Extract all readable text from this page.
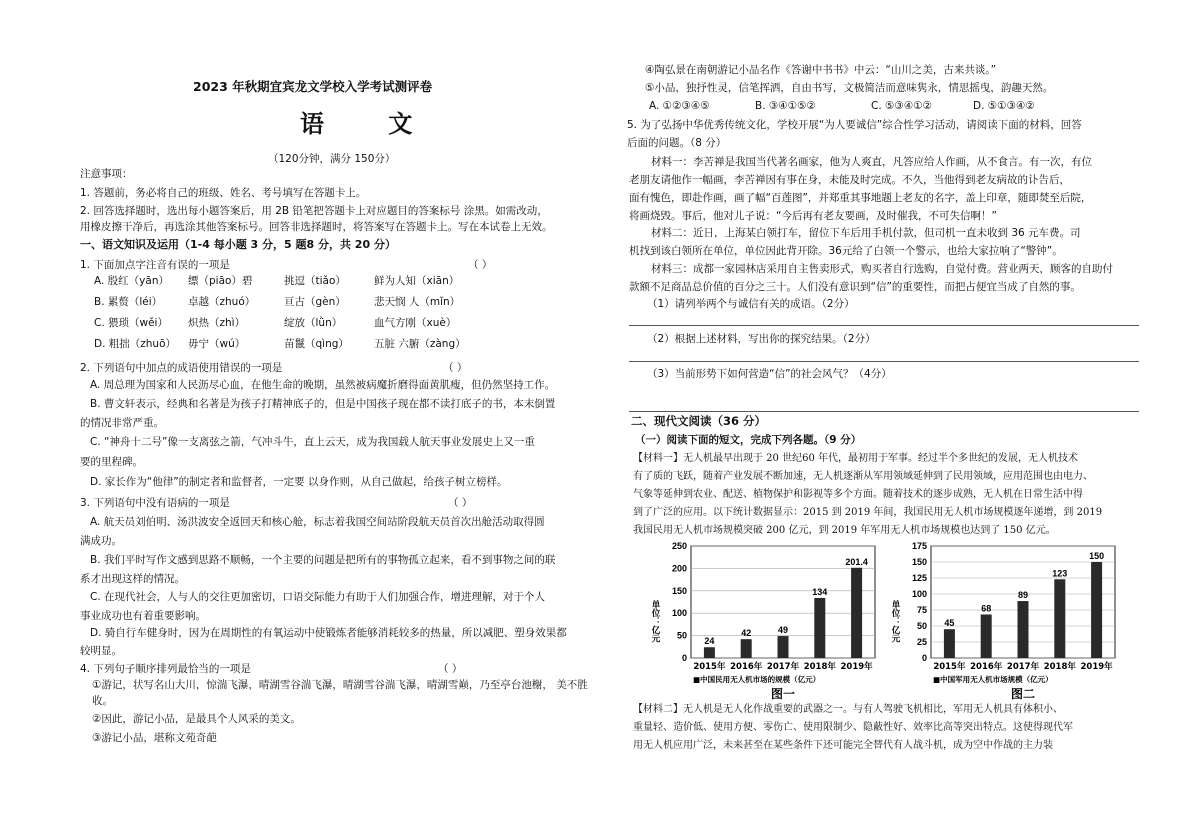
2023 年秋期宜宾龙文学校入学考试测评卷
语 文
（120分钟，满分 150分）
注意事项：
1. 答题前，务必将自己的班级、姓名、考号填写在答题卡上。
2. 回答选择题时，选出每小题答案后，用 2B 铅笔把答题卡上对应题目的答案标号 涂黑。如需改动，
用橡皮擦干净后，再选涂其他答案标号。回答非选择题时，将答案写在答题卡上。写在本试卷上无效。
一、语文知识及运用（1-4 每小题 3 分，5 题8 分，共 20 分）
1. 下面加点字注音有误的一项是	（ ）
A. 殷红（yān） 缥（piāo）碧	挑逗（tiǎo）	鲜为人知（xiān）
B. 累赘（léi） 卓越（zhuó）	亘古（gèn）	悲天悯 人（mǐn）
C. 猥琐（wěi） 炽热（zhì）	绽放（lǜn）	血气方刚（xuè）
D. 粗拙（zhuō） 毋宁（wú）	苗鬣（qìng） 五脏 六腑（zàng）
2. 下列语句中加点的成语使用错误的一项是	（ ）
A. 周总理为国家和人民沥尽心血，在他生命的晚期，虽然被病魔折磨得面黄肌瘦，但仍然坚持工作。
B. 曹文轩表示，经典和名著是为孩子打精神底子的，但是中国孩子现在都不读打底子的书，本末倒置
的情况非常严重。
C. “神舟十二号”像一支离弦之箭，气冲斗牛，直上云天，成为我国载人航天事业发展史上又一重
要的里程碑。
D. 家长作为“他律”的制定者和监督者，一定要 以身作则，从自己做起，给孩子树立榜样。
3. 下列语句中没有语病的一项是	（ ）
A. 航天员刘伯明、汤洪波安全返回天和核心舱，标志着我国空间站阶段航天员首次出舱活动取得圆
满成功。
B. 我们平时写作文感到思路不顺畅，一个主要的问题是把所有的事物孤立起来，看不到事物之间的联
系才出现这样的情况。
C. 在现代社会，人与人的交往更加密切，口语交际能力有助于人们加强合作，增进理解，对于个人
事业成功也有着重要影响。
D. 骑自行车健身时，因为在周期性的有氧运动中使锻炼者能够消耗较多的热量，所以减肥、塑身效果都
较明显。
4. 下列句子顺序排列最恰当的一项是	（ ）
①游记，状写名山大川，惊湍飞瀑，晴湖雪谷湍飞瀑，晴湖雪谷湍飞瀑，晴湖雪巅，乃至亭台池榭， 美不胜
收。
②因此，游记小品，是最具个人风采的美文。
③游记小品，堪称文苑奇葩
④陶弘景在南朝游记小品名作《答谢中书书》中云：“山川之美，古来共谈。”
⑤小品，独抒性灵，信笔挥洒，自由书写，文极简洁而意味隽永，情思摇曳，韵趣天然。
A. ①②③④⑤	B. ③④①⑤②	C. ⑤③④①②	D. ⑤①③④②
5. 为了弘扬中华优秀传统文化，学校开展“为人要诚信”综合性学习活动，请阅读下面的材料，回答
后面的问题。（8 分）
材料一：李苦禅是我国当代著名画家，他为人爽直，凡答应给人作画，从不食言。有一次，有位
老朋友请他作一幅画，李苦禅因有事在身，未能及时完成。不久，当他得到老友病故的讣告后，
面有愧色，即赴作画，画了幅“百莲图”，并郑重其事地题上老友的名字，盖上印章，随即焚至后院，
将画烧毁。事后，他对儿子说：“今后再有老友要画，及时催我，不可失信啊！”
材料二：近日，上海某白领打车，留位下车后用手机付款，但司机一直未收到 36 元车费。司
机找到该白领所在单位，单位因此背开除。36元给了白领一个警示，也给大家拉响了“警钟”。
材料三：成都一家园林店采用自主售卖形式，购买者自行选购，自觉付费。营业两天，顾客的自助付
款额不足商品总价值的百分之三十。人们没有意识到“信”的重要性，而把占便宜当成了自然的事。
（1）请列举两个与诚信有关的成语。（2分）
（2）根据上述材料，写出你的探究结果。（2分）
（3）当前形势下如何营造“信”的社会风气？（4分）
二、现代文阅读（36 分）
（一）阅读下面的短文，完成下列各题。（9 分）
【材料一】无人机最早出现于 20 世纪60 年代，最初用于军事。经过半个多世纪的发展，无人机技术
有了质的飞跃，随着产业发展不断加速，无人机逐渐从军用领域延伸到了民用领域，应用范围也由电力、
气象等延伸到农业、配送、植物保护和影视等多个方面。随着技术的逐步成熟，无人机在日常生活中得
到了广泛的应用。以下统计数据显示：2015 到 2019 年间，我国民用无人机市场规模逐年递增，到 2019
我国民用无人机市场规模突破 200 亿元，到 2019 年军用无人机市场规模也达到了 150 亿元。
0
50
100
150
200
250
单位：亿元	24
2015年
42
2016年
49
2017年
134
2018年
201.4
2019年
■中国民用无人机市场的规模（亿元）
图一
0
25
50
75
100
125
150
175
单位：亿元	45
2015年
68
2016年
89
2017年
123
2018年
150
2019年
■中国军用无人机市场规模（亿元）
图二
【材料二】无人机是无人化作战重要的武器之一。与有人驾驶飞机相比，军用无人机具有体积小、
重量轻、造价低、使用方便、零伤亡、使用限制少、隐蔽性好、效率比高等突出特点。这使得现代军
用无人机应用广泛，未来甚至在某些条件下还可能完全替代有人战斗机，成为空中作战的主力装
